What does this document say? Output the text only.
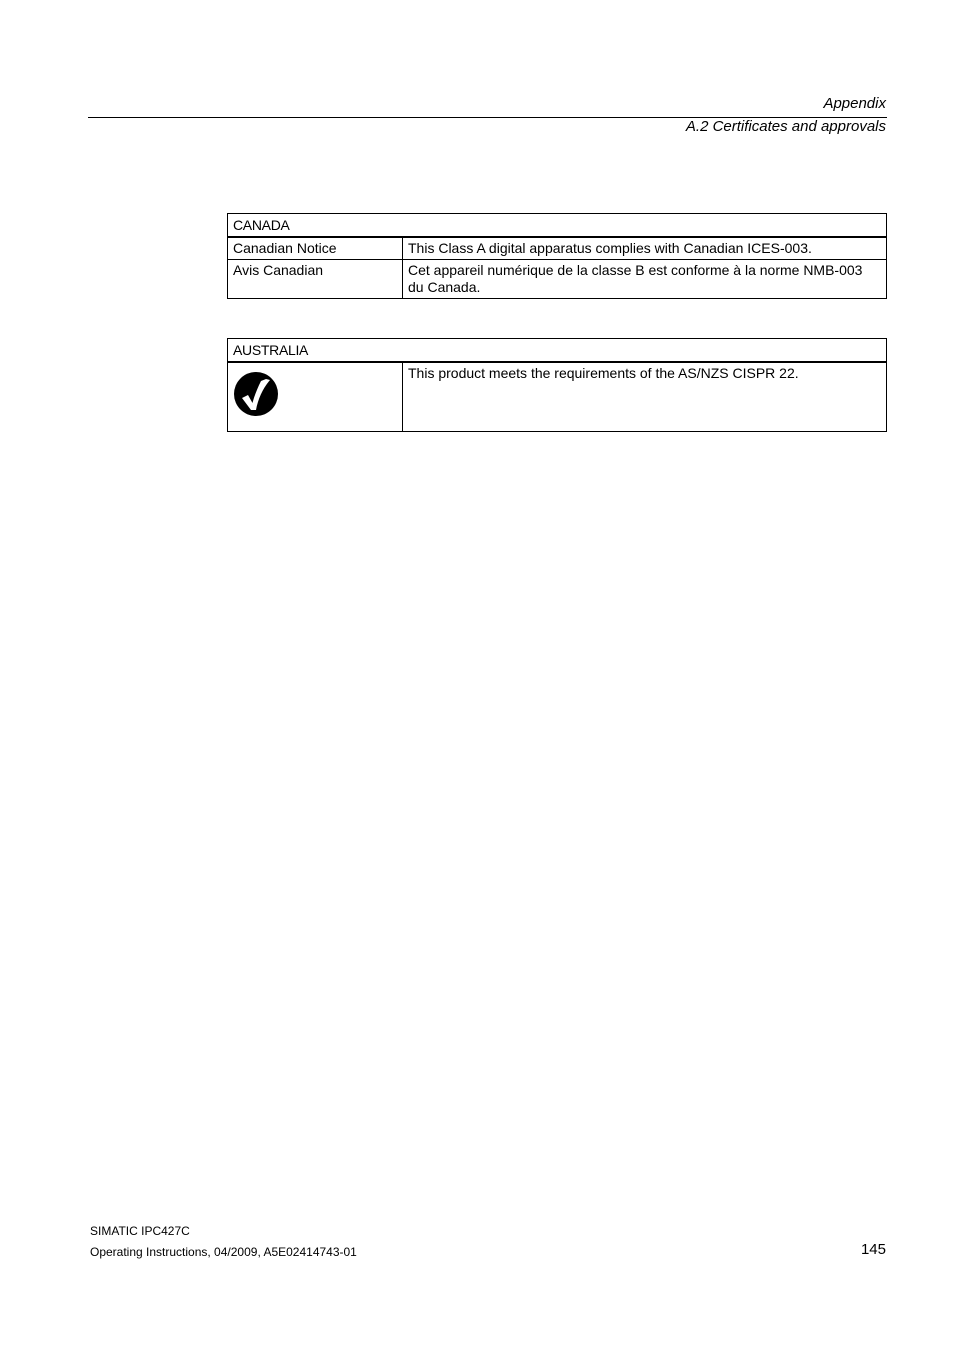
Appendix
A.2 Certificates and approvals
CANADA	
Canadian Notice	This Class A digital apparatus complies with Canadian ICES-003.
Avis Canadian	Cet appareil numérique de la classe B est conforme à la norme NMB-003 du Canada.
AUSTRALIA

	This product meets the requirements of the AS/NZS CISPR 22.
SIMATIC IPC427C
Operating Instructions, 04/2009, A5E02414743-01	145
